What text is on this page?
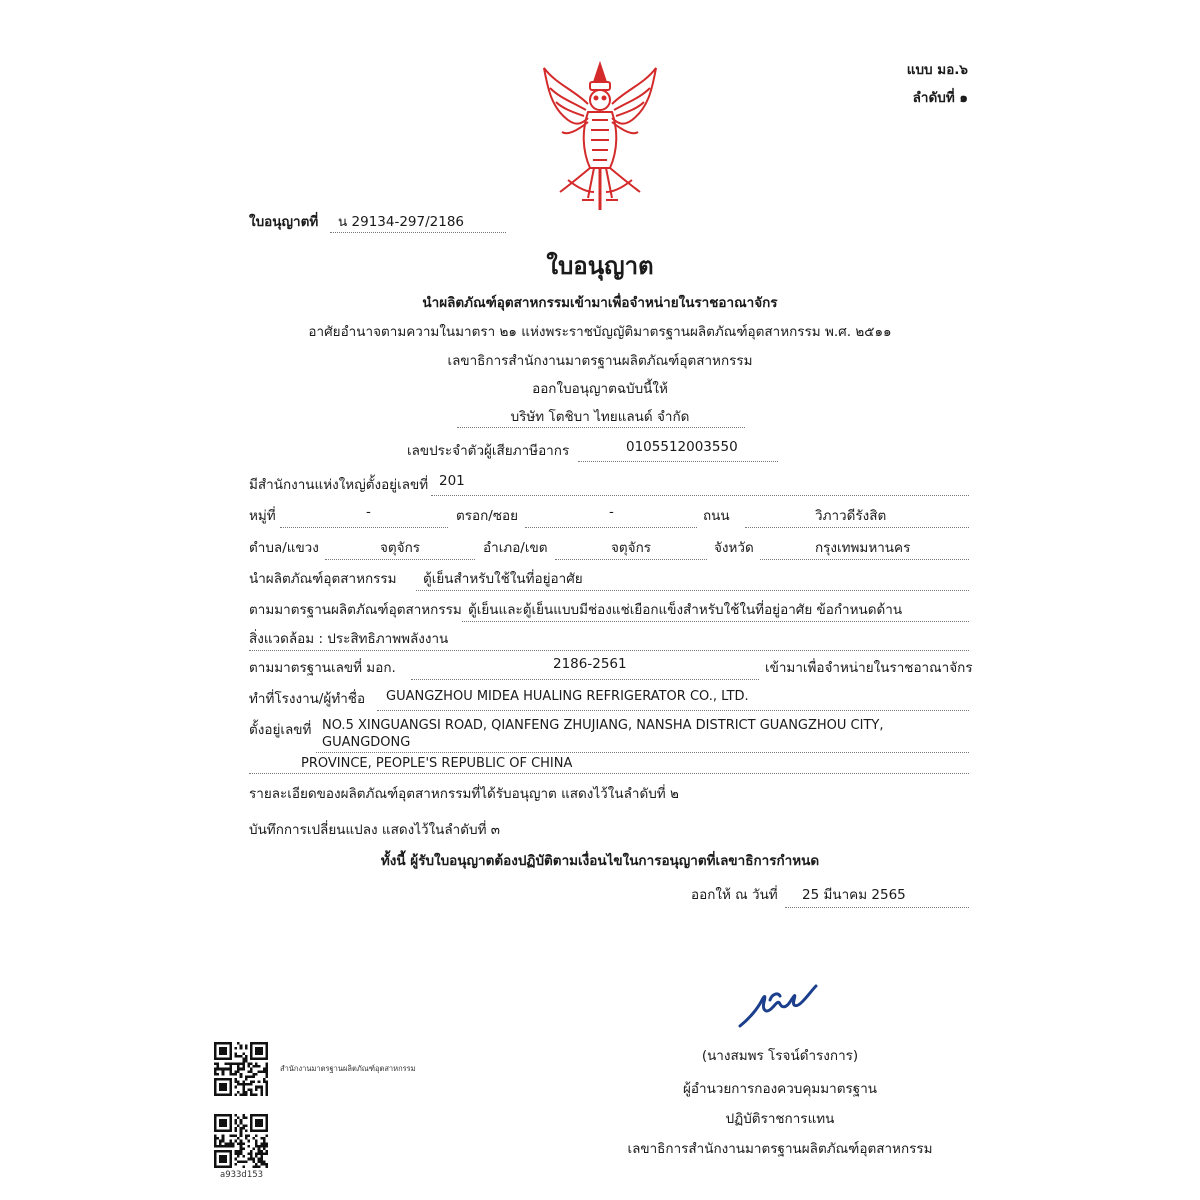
แบบ มอ.๖
ลำดับที่ ๑
ใบอนุญาตที่ น 29134-297/2186
ใบอนุญาต
นำผลิตภัณฑ์อุตสาหกรรมเข้ามาเพื่อจำหน่ายในราชอาณาจักร
อาศัยอำนาจตามความในมาตรา ๒๑ แห่งพระราชบัญญัติมาตรฐานผลิตภัณฑ์อุตสาหกรรม พ.ศ. ๒๕๑๑
เลขาธิการสำนักงานมาตรฐานผลิตภัณฑ์อุตสาหกรรม
ออกใบอนุญาตฉบับนี้ให้
บริษัท โตชิบา ไทยแลนด์ จำกัด
เลขประจำตัวผู้เสียภาษีอากร	0105512003550
มีสำนักงานแห่งใหญ่ตั้งอยู่เลขที่ 201
หมู่ที่	-	ตรอก/ซอย	-	ถนน	วิภาวดีรังสิต
ตำบล/แขวง	จตุจักร	อำเภอ/เขต	จตุจักร	จังหวัด	กรุงเทพมหานคร
นำผลิตภัณฑ์อุตสาหกรรม ตู้เย็นสำหรับใช้ในที่อยู่อาศัย
ตามมาตรฐานผลิตภัณฑ์อุตสาหกรรม ตู้เย็นและตู้เย็นแบบมีช่องแช่เยือกแข็งสำหรับใช้ในที่อยู่อาศัย ข้อกำหนดด้าน
สิ่งแวดล้อม : ประสิทธิภาพพลังงาน
ตามมาตรฐานเลขที่ มอก.	2186-2561	เข้ามาเพื่อจำหน่ายในราชอาณาจักร
ทำที่โรงงาน/ผู้ทำชื่อ GUANGZHOU MIDEA HUALING REFRIGERATOR CO., LTD.
ตั้งอยู่เลขที่ NO.5 XINGUANGSI ROAD, QIANFENG ZHUJIANG, NANSHA DISTRICT GUANGZHOU CITY,
GUANGDONG
PROVINCE, PEOPLE'S REPUBLIC OF CHINA
รายละเอียดของผลิตภัณฑ์อุตสาหกรรมที่ได้รับอนุญาต แสดงไว้ในลำดับที่ ๒
บันทึกการเปลี่ยนแปลง แสดงไว้ในลำดับที่ ๓
ทั้งนี้ ผู้รับใบอนุญาตต้องปฏิบัติตามเงื่อนไขในการอนุญาตที่เลขาธิการกำหนด
ออกให้ ณ วันที่ 25 มีนาคม 2565
(นางสมพร โรจน์ดำรงการ)
ผู้อำนวยการกองควบคุมมาตรฐาน
ปฏิบัติราชการแทน
เลขาธิการสำนักงานมาตรฐานผลิตภัณฑ์อุตสาหกรรม
สำนักงานมาตรฐานผลิตภัณฑ์อุตสาหกรรม
a933d153
